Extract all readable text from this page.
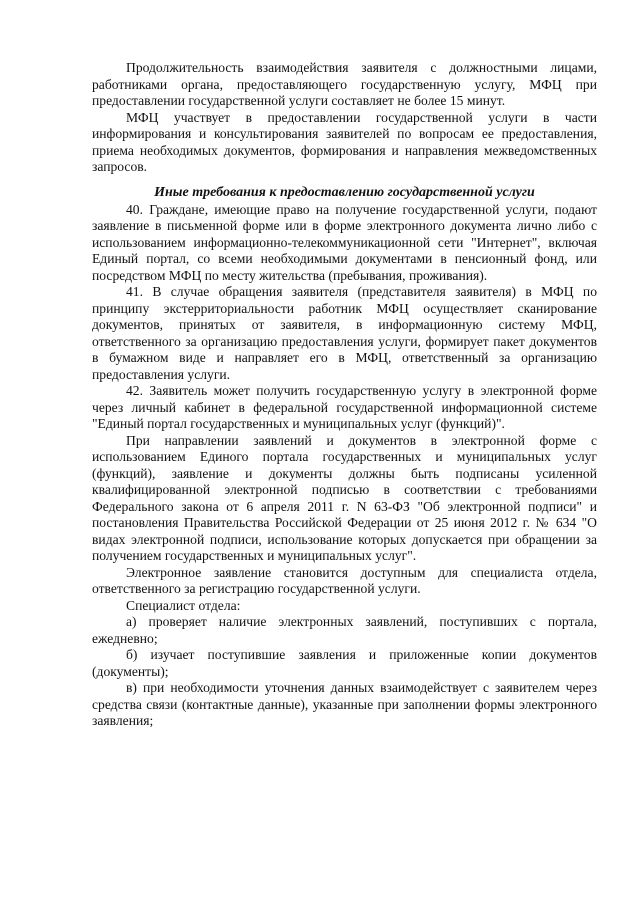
Продолжительность взаимодействия заявителя с должностными лицами, работниками органа, предоставляющего государственную услугу, МФЦ при предоставлении государственной услуги составляет не более 15 минут.

МФЦ участвует в предоставлении государственной услуги в части информирования и консультирования заявителей по вопросам ее предоставления, приема необходимых документов, формирования и направления межведомственных запросов.

Иные требования к предоставлению государственной услуги

40. Граждане, имеющие право на получение государственной услуги, подают заявление в письменной форме или в форме электронного документа лично либо с использованием информационно-телекоммуникационной сети "Интернет", включая Единый портал, со всеми необходимыми документами в пенсионный фонд, или посредством МФЦ по месту жительства (пребывания, проживания).

41. В случае обращения заявителя (представителя заявителя) в МФЦ по принципу экстерриториальности работник МФЦ осуществляет сканирование документов, принятых от заявителя, в информационную систему МФЦ, ответственного за организацию предоставления услуги, формирует пакет документов в бумажном виде и направляет его в МФЦ, ответственный за организацию предоставления услуги.

42. Заявитель может получить государственную услугу в электронной форме через личный кабинет в федеральной государственной информационной системе "Единый портал государственных и муниципальных услуг (функций)".

При направлении заявлений и документов в электронной форме с использованием Единого портала государственных и муниципальных услуг (функций), заявление и документы должны быть подписаны усиленной квалифицированной электронной подписью в соответствии с требованиями Федерального закона от 6 апреля 2011 г. N 63-ФЗ "Об электронной подписи" и постановления Правительства Российской Федерации от 25 июня 2012 г. № 634 "О видах электронной подписи, использование которых допускается при обращении за получением государственных и муниципальных услуг".

Электронное заявление становится доступным для специалиста отдела, ответственного за регистрацию государственной услуги.

Специалист отдела:

а) проверяет наличие электронных заявлений, поступивших с портала, ежедневно;

б) изучает поступившие заявления и приложенные копии документов (документы);

в) при необходимости уточнения данных взаимодействует с заявителем через средства связи (контактные данные), указанные при заполнении формы электронного заявления;
